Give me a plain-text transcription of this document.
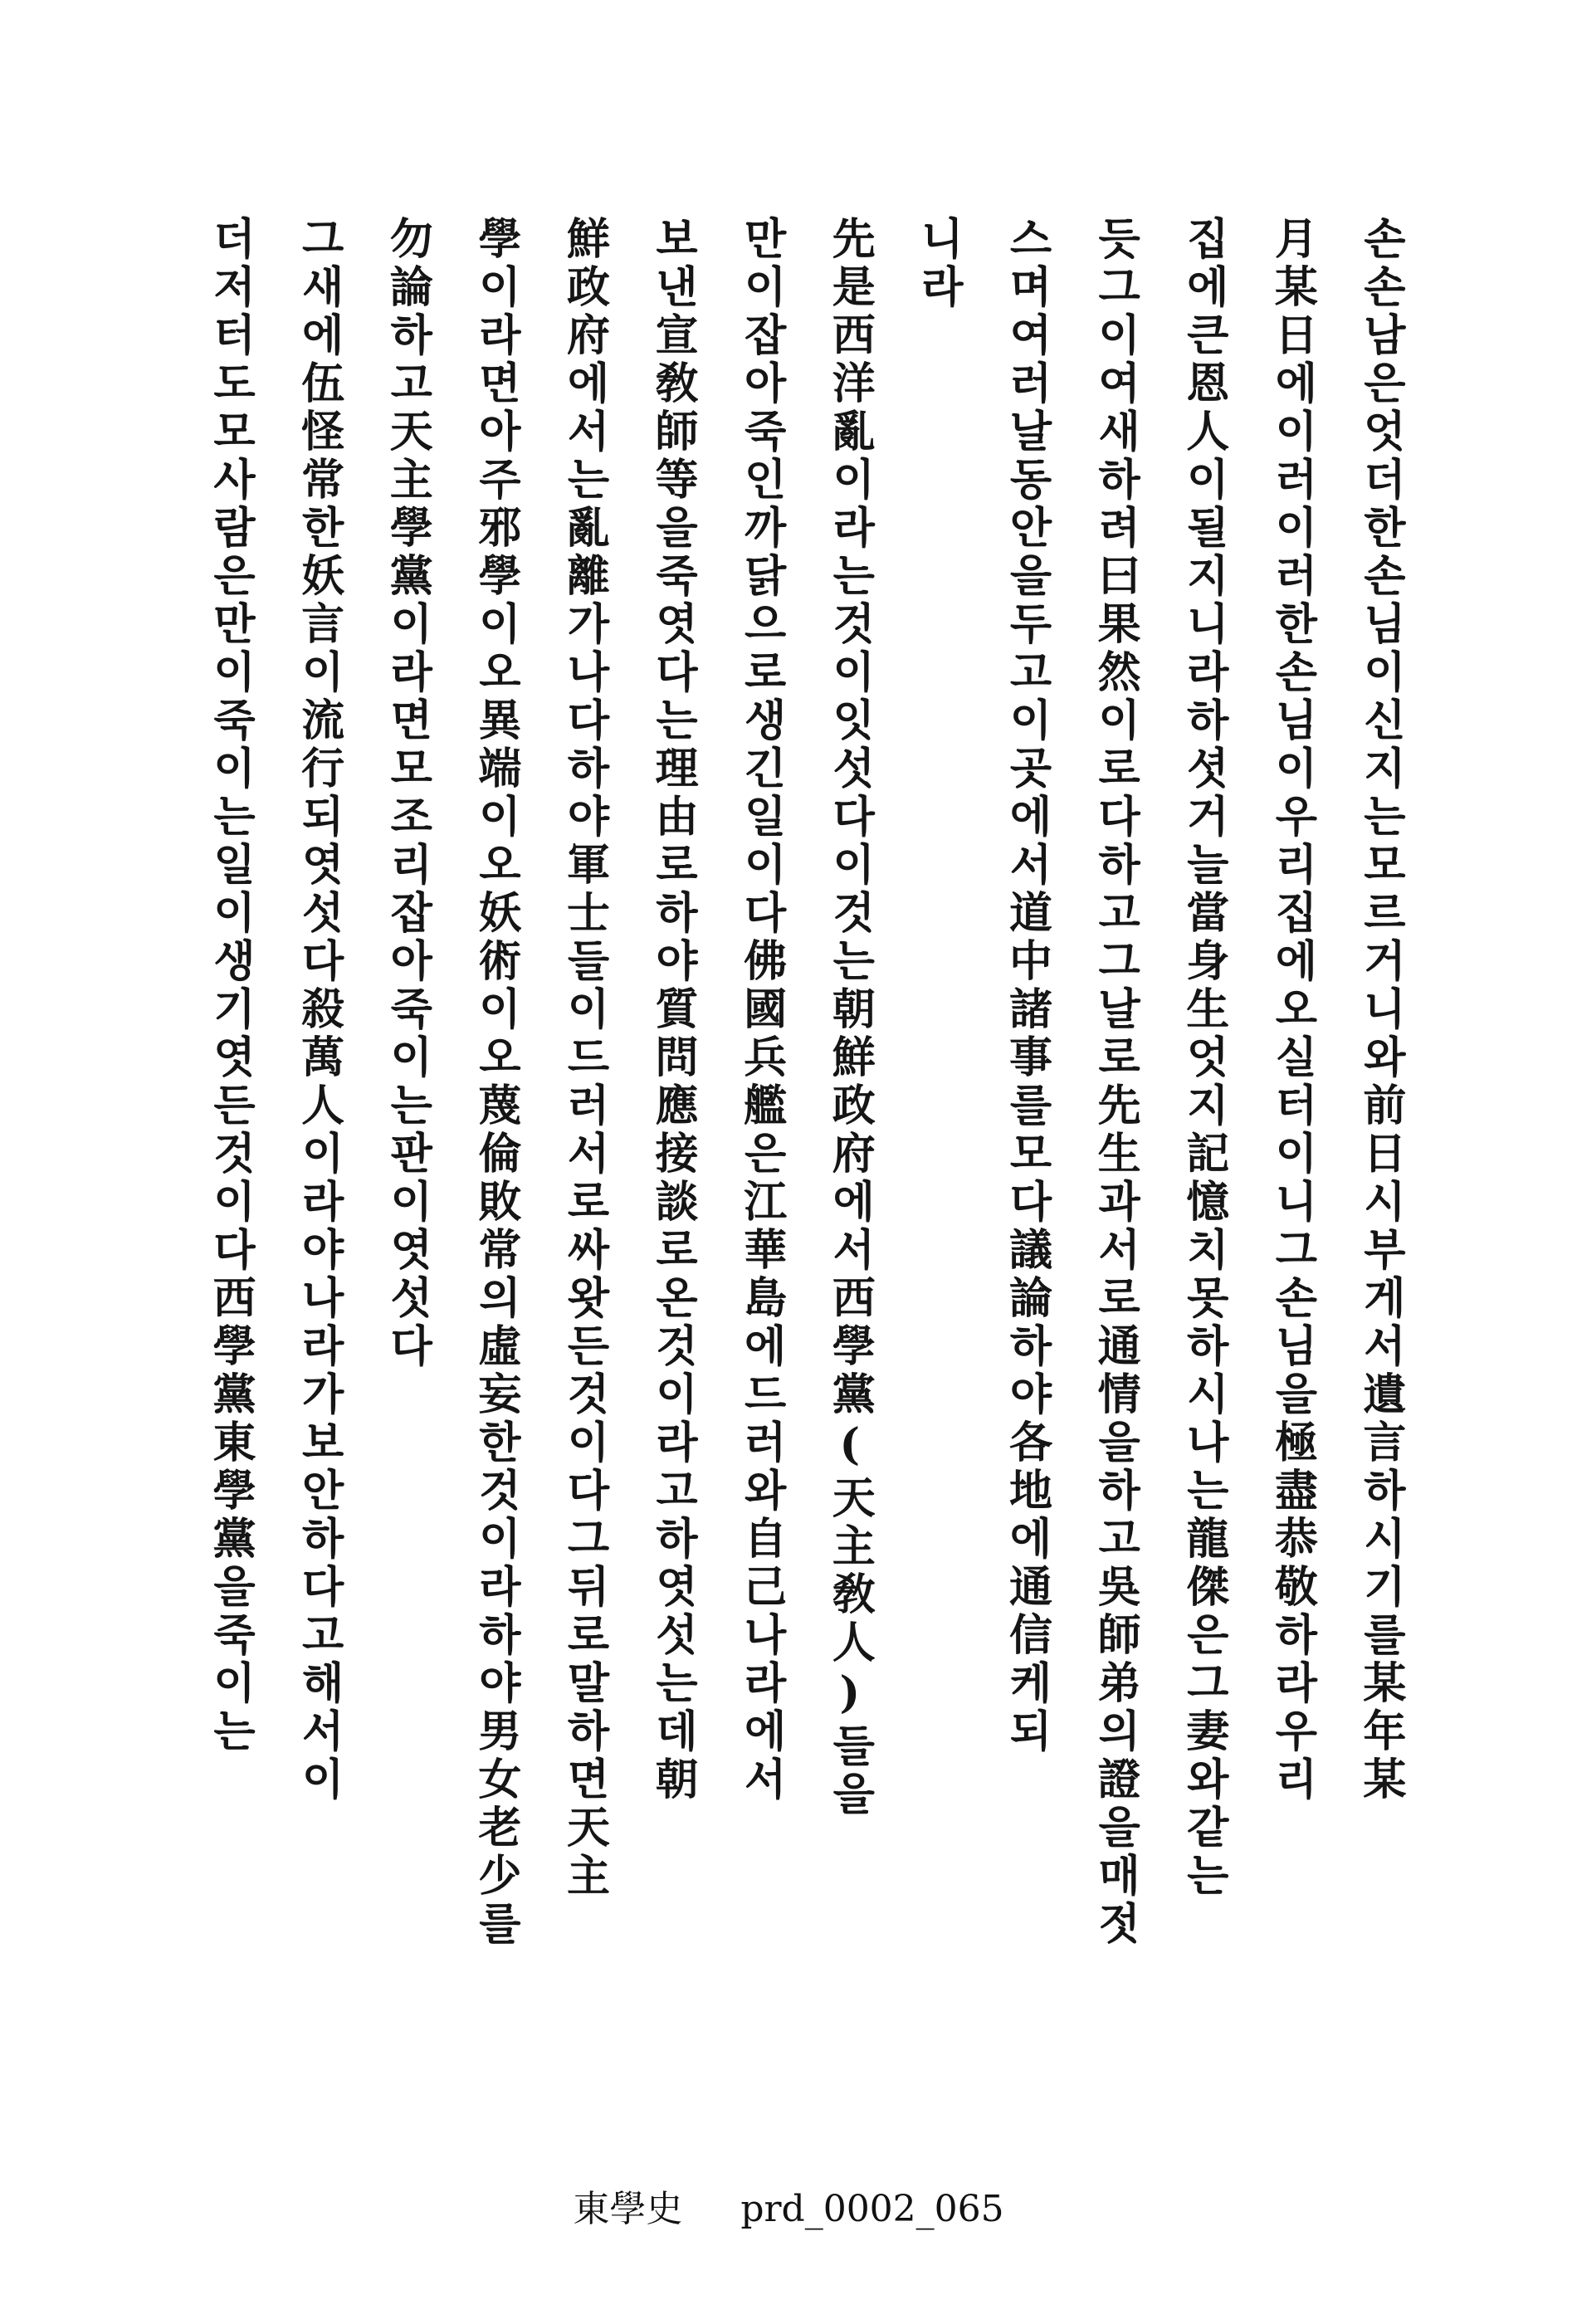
손손남은엇더한손님이신지는모르거니와前日시부게서遺言하시기를某年某
月某日에이러이러한손님이우리집에오실터이니그손님을極盡恭敬하라우리
집에큰恩人이될지니라하셧거늘當身生엇지記憶치못하시나는龍傑은그妻와같는
듯그이여새하려曰果然이로다하고그날로先生과서로通情을하고吳師弟의證을매젓
스며여러날동안을두고이곳에서道中諸事를모다議論하야各地에通信케되
니라
先是西洋亂이라는것이잇섯다이것는朝鮮政府에서西學黨(天主敎人)들을
만이잡아죽인까닭으로생긴일이다佛國兵艦은江華島에드러와自己나라에서
보낸宣敎師等을죽엿다는理由로하야質問應接談로온것이라고하엿섯는데朝
鮮政府에서는亂離가나다하야軍士들이드러서로싸왓든것이다그뒤로말하면天主
學이라면아주邪學이오異端이오妖術이오蔑倫敗常의虛妄한것이라하야男女老少를
勿論하고天主學黨이라면모조리잡아죽이는판이엿섯다
그새에伍怪常한妖言이流行되엿섯다殺萬人이라야나라가보안하다고해서이
더저터도모사람은만이죽이는일이생기엿든것이다西學黨東學黨을죽이는
東學史 prd_0002_065
